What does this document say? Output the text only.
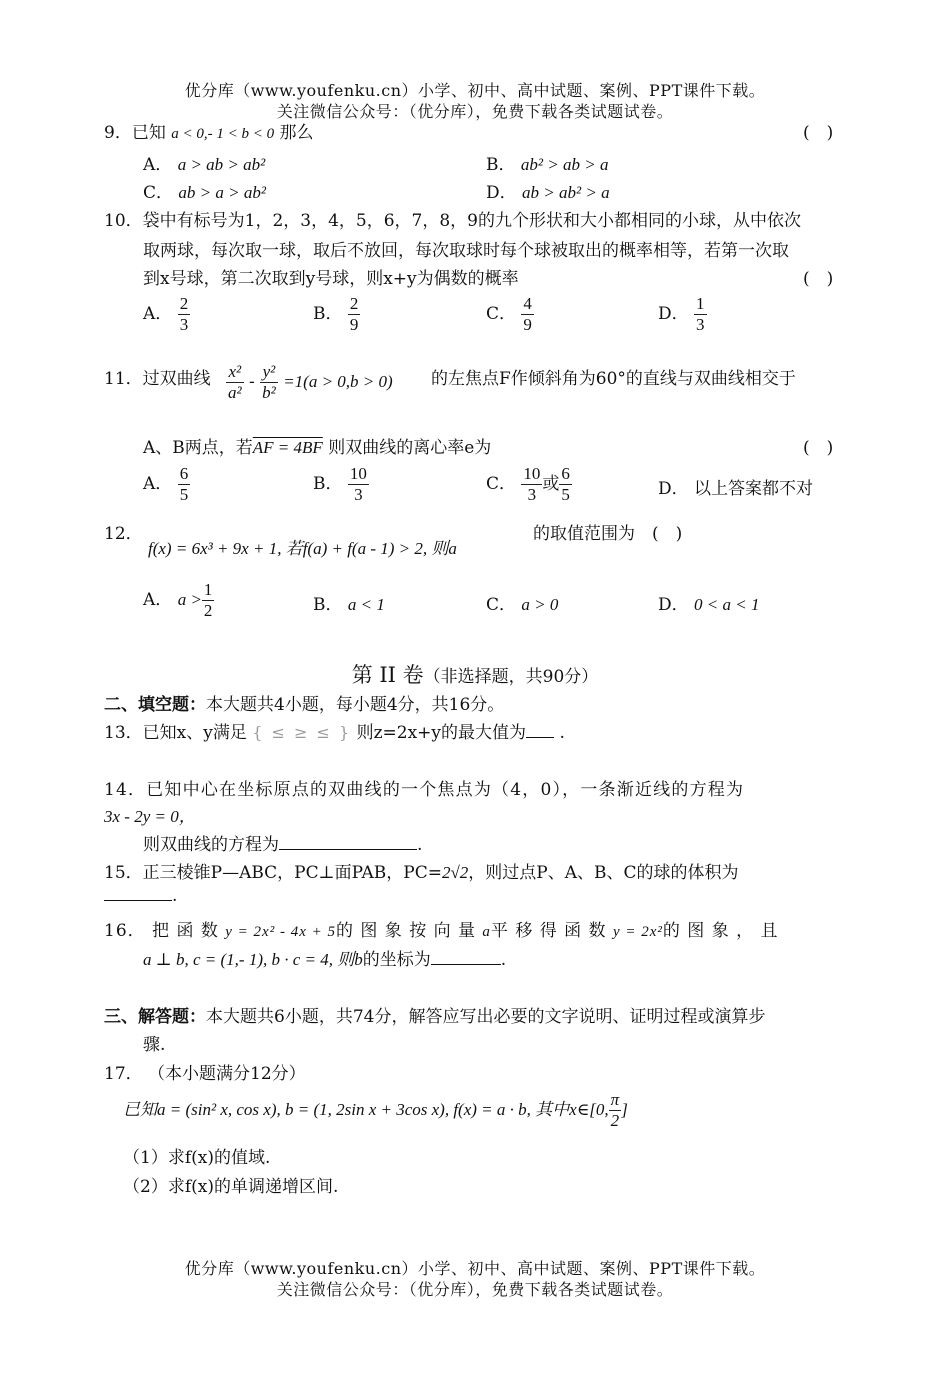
优分库（www.youfenku.cn）小学、初中、高中试题、案例、PPT课件下载。
关注微信公众号：（优分库），免费下载各类试题试卷。
9．已知 a < 0,- 1 < b < 0 那么	(　)
A． a > ab > ab²	B． ab² > ab > a
C． ab > a > ab²	D． ab > ab² > a
10．袋中有标号为1，2，3，4，5，6，7，8，9的九个形状和大小都相同的小球，从中依次
取两球，每次取一球，取后不放回，每次取球时每个球被取出的概率相等，若第一次取
到x号球，第二次取到y号球，则x+y为偶数的概率	(　)
A． $\frac{2}{3}$	B． $\frac{2}{9}$	C． $\frac{4}{9}$	D． $\frac{1}{3}$
11．过双曲线 $\frac{\text{x²}}{\text{a²}} - \frac{\text{y²}}{\text{b²}} =1(a > 0,b > 0)$ 的左焦点F作倾斜角为60°的直线与双曲线相交于
A、B两点，若AF = 4BF 则双曲线的离心率e为	(　)
A． $\frac{6}{5}$	B． $\frac{10}{3}$	C． $\frac{10}{3}$ 或 $\frac{6}{5}$	D． 以上答案都不对
12．
f(x) = 6x³ + 9x + 1, 若f(a) + f(a - 1) > 2, 则a
的取值范围为　 (　)
A． $a > \frac{1}{2}$	B． a < 1	C． a > 0	D． 0 < a < 1
第 II 卷（非选择题，共90分）
二、填空题：本大题共4小题，每小题4分，共16分。
13．已知x、y满足 { ≤ ≥ ≤ } 则z=2x+y的最大值为 .
14．已知中心在坐标原点的双曲线的一个焦点为（4，0），一条渐近线的方程为
3x - 2y = 0，
则双曲线的方程为	.
15．正三棱锥P—ABC，PC⊥面PAB，PC=2√2，则过点P、A、B、C的球的体积为
.
16． 把 函 数 y = 2x² - 4x + 5的 图 象 按 向 量 a平 移 得 函 数 y = 2x²的 图 象 ， 且
a ⊥ b, c = (1,- 1), b · c = 4, 则b的坐标为	.
三、解答题：本大题共6小题，共74分，解答应写出必要的文字说明、证明过程或演算步
骤.
17． （本小题满分12分）
已知a = (sin² x, cos x), b = (1, 2sin x + 3cos x), f(x) = a · b, 其中x∈[0, $\frac{\pi}{2}$ ]
（1）求f(x)的值域.
（2）求f(x)的单调递增区间.
优分库（www.youfenku.cn）小学、初中、高中试题、案例、PPT课件下载。
关注微信公众号：（优分库），免费下载各类试题试卷。
